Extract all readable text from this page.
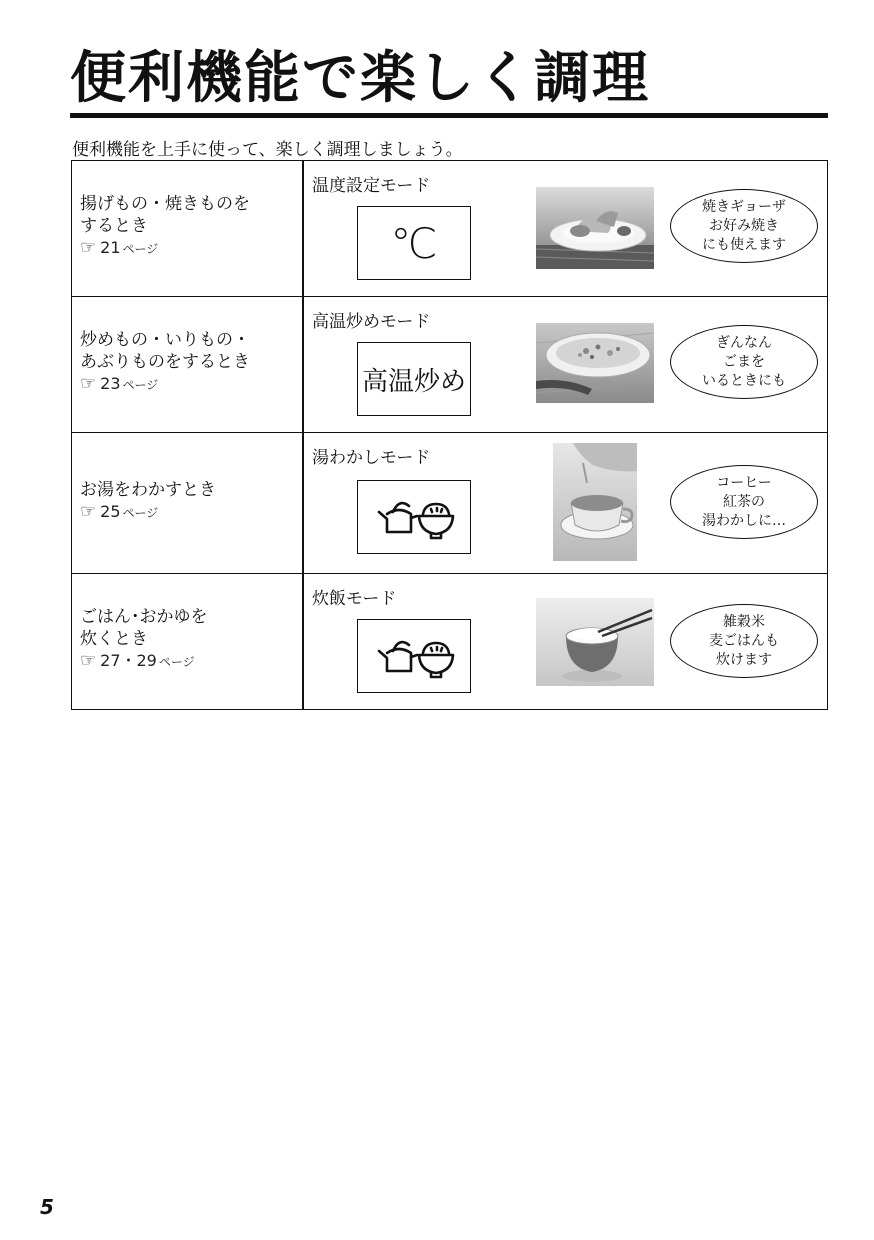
便利機能で楽しく調理
便利機能を上手に使って、楽しく調理しましょう。
揚げもの・焼きものを
するとき
☞ 21 ページ
温度設定モード
℃
焼きギョーザ
お好み焼き
にも使えます
炒めもの・いりもの・
あぶりものをするとき
☞ 23 ページ
高温炒めモード
高温炒め
ぎんなん
ごまを
いるときにも
お湯をわかすとき
☞ 25 ページ
湯わかしモード
コーヒー
紅茶の
湯わかしに…
ごはん･おかゆを
炊くとき
☞ 27・29 ページ
炊飯モード
雑穀米
麦ごはんも
炊けます
5
